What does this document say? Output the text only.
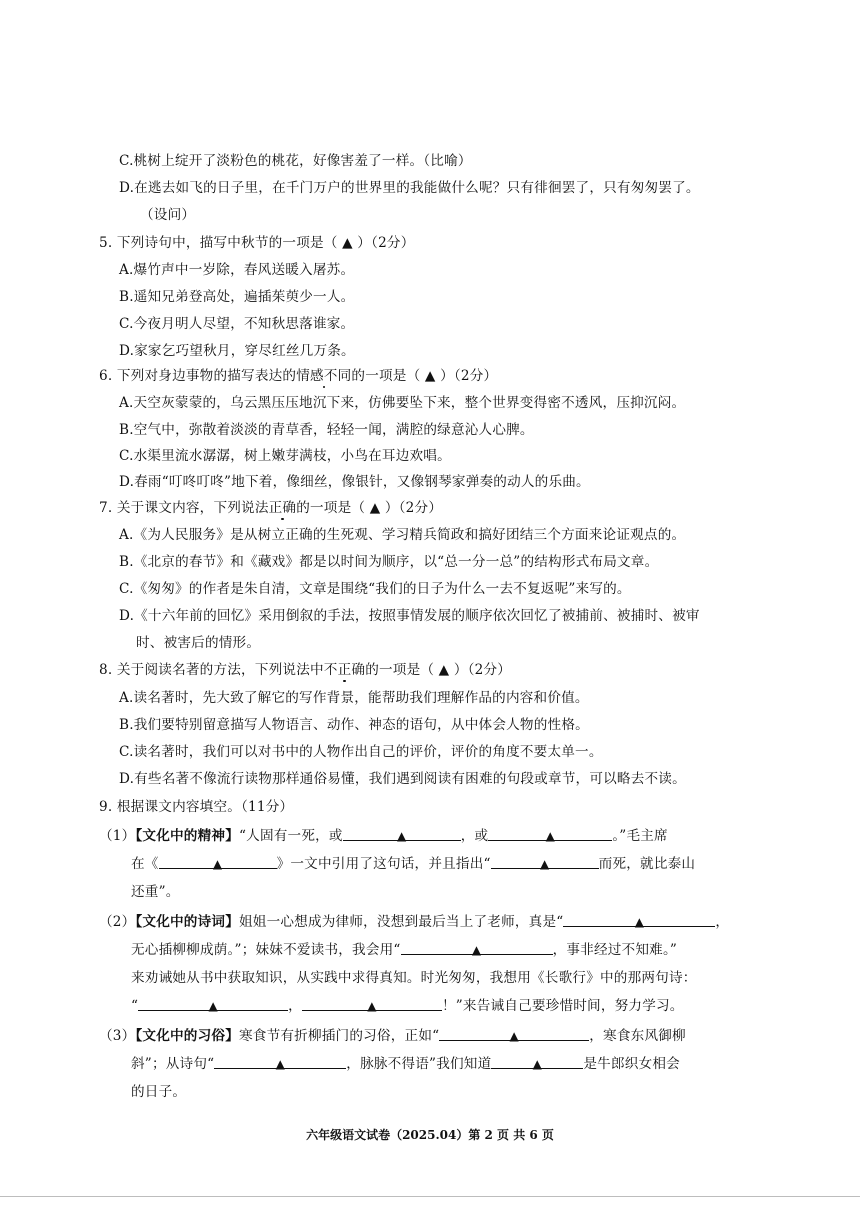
C.桃树上绽开了淡粉色的桃花，好像害羞了一样。（比喻）
D.在逃去如飞的日子里，在千门万户的世界里的我能做什么呢？只有徘徊罢了，只有匆匆罢了。
（设问）
5. 下列诗句中，描写中秋节的一项是（ ▲ ）（2分）
A.爆竹声中一岁除，春风送暖入屠苏。
B.遥知兄弟登高处，遍插茱萸少一人。
C.今夜月明人尽望，不知秋思落谁家。
D.家家乞巧望秋月，穿尽红丝几万条。
6. 下列对身边事物的描写表达的情感不同的一项是（ ▲ ）（2分）
A.天空灰蒙蒙的，乌云黑压压地沉下来，仿佛要坠下来，整个世界变得密不透风，压抑沉闷。
B.空气中，弥散着淡淡的青草香，轻轻一闻，满腔的绿意沁人心脾。
C.水渠里流水潺潺，树上嫩芽满枝，小鸟在耳边欢唱。
D.春雨“叮咚叮咚”地下着，像细丝，像银针，又像钢琴家弹奏的动人的乐曲。
7. 关于课文内容，下列说法正确的一项是（ ▲ ）（2分）
A.《为人民服务》是从树立正确的生死观、学习精兵简政和搞好团结三个方面来论证观点的。
B.《北京的春节》和《藏戏》都是以时间为顺序，以“总一分一总”的结构形式布局文章。
C.《匆匆》的作者是朱自清，文章是围绕“我们的日子为什么一去不复返呢”来写的。
D.《十六年前的回忆》采用倒叙的手法，按照事情发展的顺序依次回忆了被捕前、被捕时、被审
时、被害后的情形。
8. 关于阅读名著的方法，下列说法中不正确的一项是（ ▲ ）（2分）
A.读名著时，先大致了解它的写作背景，能帮助我们理解作品的内容和价值。
B.我们要特别留意描写人物语言、动作、神态的语句，从中体会人物的性格。
C.读名著时，我们可以对书中的人物作出自己的评价，评价的角度不要太单一。
D.有些名著不像流行读物那样通俗易懂，我们遇到阅读有困难的句段或章节，可以略去不读。
9. 根据课文内容填空。（11分）
（1）【文化中的精神】“人固有一死，或	▲	，或	▲	。”毛主席
在《	▲	》一文中引用了这句话，并且指出“	▲	而死，就比泰山
还重”。
（2）【文化中的诗词】姐姐一心想成为律师，没想到最后当上了老师，真是“	▲	，
无心插柳柳成荫。”；妹妹不爱读书，我会用“	▲	，事非经过不知难。”
来劝诫她从书中获取知识，从实践中求得真知。时光匆匆，我想用《长歌行》中的那两句诗：
“	▲	，	▲	！”来告诫自己要珍惜时间，努力学习。
（3）【文化中的习俗】寒食节有折柳插门的习俗，正如“	▲	，寒食东风御柳
斜”；从诗句“	▲	，脉脉不得语”我们知道	▲	是牛郎织女相会
的日子。
六年级语文试卷（2025.04）第 2 页 共 6 页
